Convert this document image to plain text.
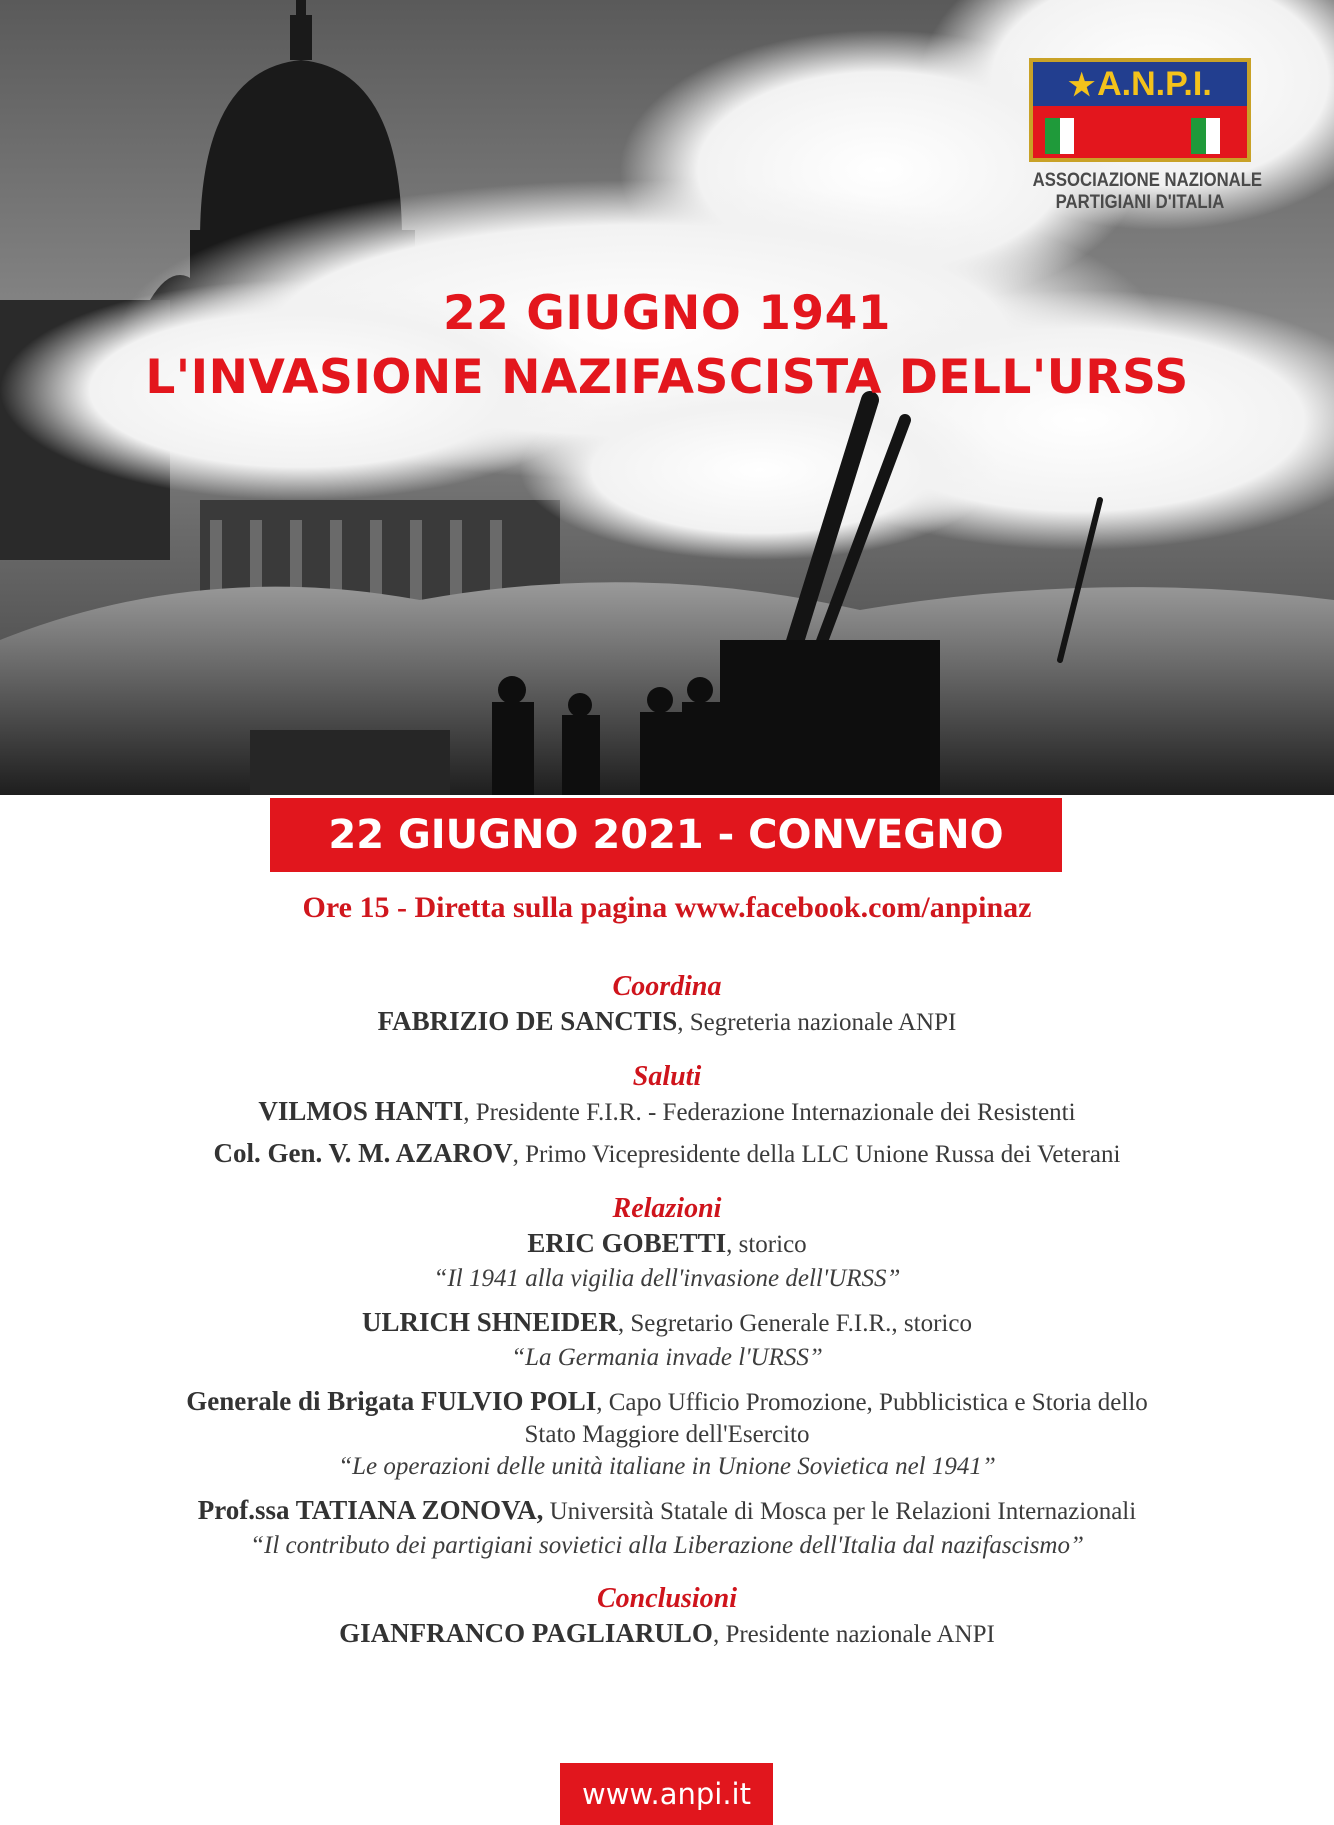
22 GIUGNO 1941
L'INVASIONE NAZIFASCISTA DELL'URSS
★A.N.P.I.
ASSOCIAZIONE NAZIONALE
PARTIGIANI D'ITALIA
22 GIUGNO 2021 - CONVEGNO
Ore 15 - Diretta sulla pagina www.facebook.com/anpinaz
Coordina
FABRIZIO DE SANCTIS, Segreteria nazionale ANPI
Saluti
VILMOS HANTI, Presidente F.I.R. - Federazione Internazionale dei Resistenti
Col. Gen. V. M. AZAROV, Primo Vicepresidente della LLC Unione Russa dei Veterani
Relazioni
ERIC GOBETTI, storico
“Il 1941 alla vigilia dell'invasione dell'URSS”
ULRICH SHNEIDER, Segretario Generale F.I.R., storico
“La Germania invade l'URSS”
Generale di Brigata FULVIO POLI, Capo Ufficio Promozione, Pubblicistica e Storia dello
Stato Maggiore dell'Esercito
“Le operazioni delle unità italiane in Unione Sovietica nel 1941”
Prof.ssa TATIANA ZONOVA, Università Statale di Mosca per le Relazioni Internazionali
“Il contributo dei partigiani sovietici alla Liberazione dell'Italia dal nazifascismo”
Conclusioni
GIANFRANCO PAGLIARULO, Presidente nazionale ANPI
www.anpi.it
